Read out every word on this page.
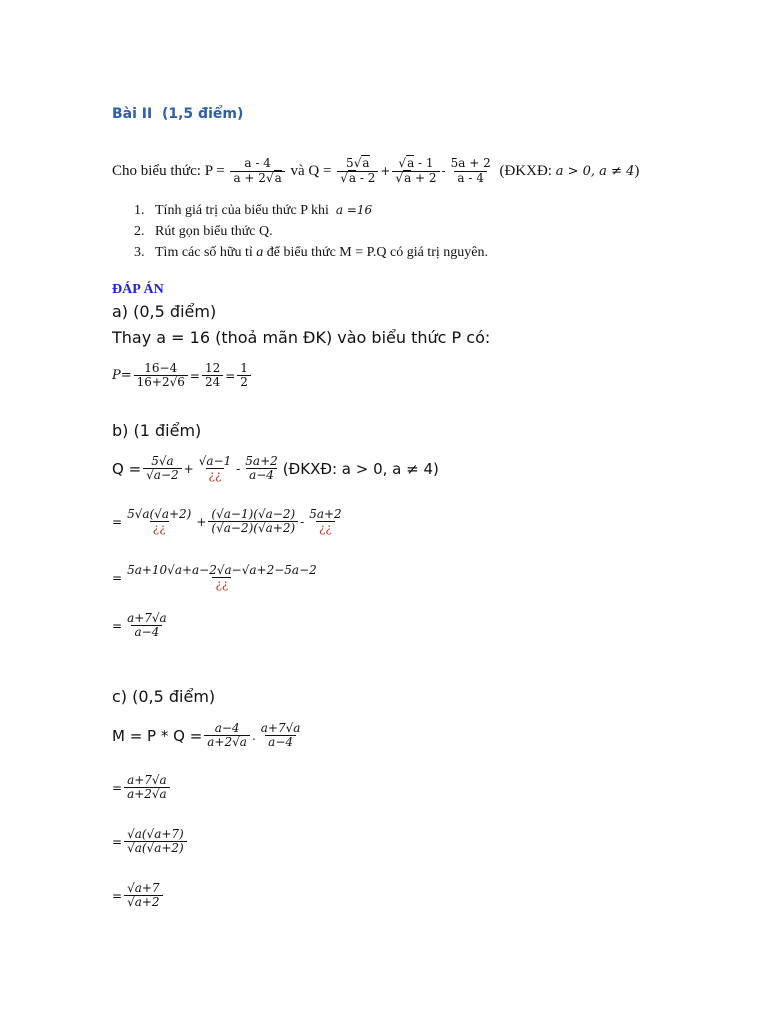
Bài II (1,5 điểm)
Cho biểu thức: P =
$\frac{a - 4}{a + 2√a}$
và Q =
$\frac{5√a}{√a - 2} + \frac{√a - 1}{√a + 2} - \frac{5a + 2}{a - 4}$
(ĐKXĐ:
a > 0, a ≠ 4 )
1. Tính giá trị của biểu thức P khi a =16
2. Rút gọn biểu thức Q.
3. Tìm các số hữu tỉ a để biểu thức M = P.Q có giá trị nguyên.
ĐÁP ÁN
a) (0,5 điểm)
Thay a = 16 (thoả mãn ĐK) vào biểu thức P có:
$P= \frac{16-4}{16+2√6} = \frac{12}{24} = \frac{1}{2}$
b) (1 điểm)
$Q = \frac{5√a}{√a-2} + \frac{√a-1}{¿¿} - \frac{5a+2}{a-4}$ (ĐKXĐ: a > 0, a ≠ 4)
= $\frac{5√a(√a+2)}{¿¿} + \frac{(√a-1)(√a-2)}{(√a-2)(√a+2)} - \frac{5a+2}{¿¿}$
= $\frac{5a+10√a+a-2√a-√a+2-5a-2}{¿¿}$
= $\frac{a+7√a}{a-4}$
c) (0,5 điểm)
$M = P * Q = \frac{a-4}{a+2√a}$ . $\frac{a+7√a}{a-4}$
= $\frac{a+7√a}{a+2√a}$
= $\frac{√a(√a+7)}{√a(√a+2)}$
= $\frac{√a+7}{√a+2}$
